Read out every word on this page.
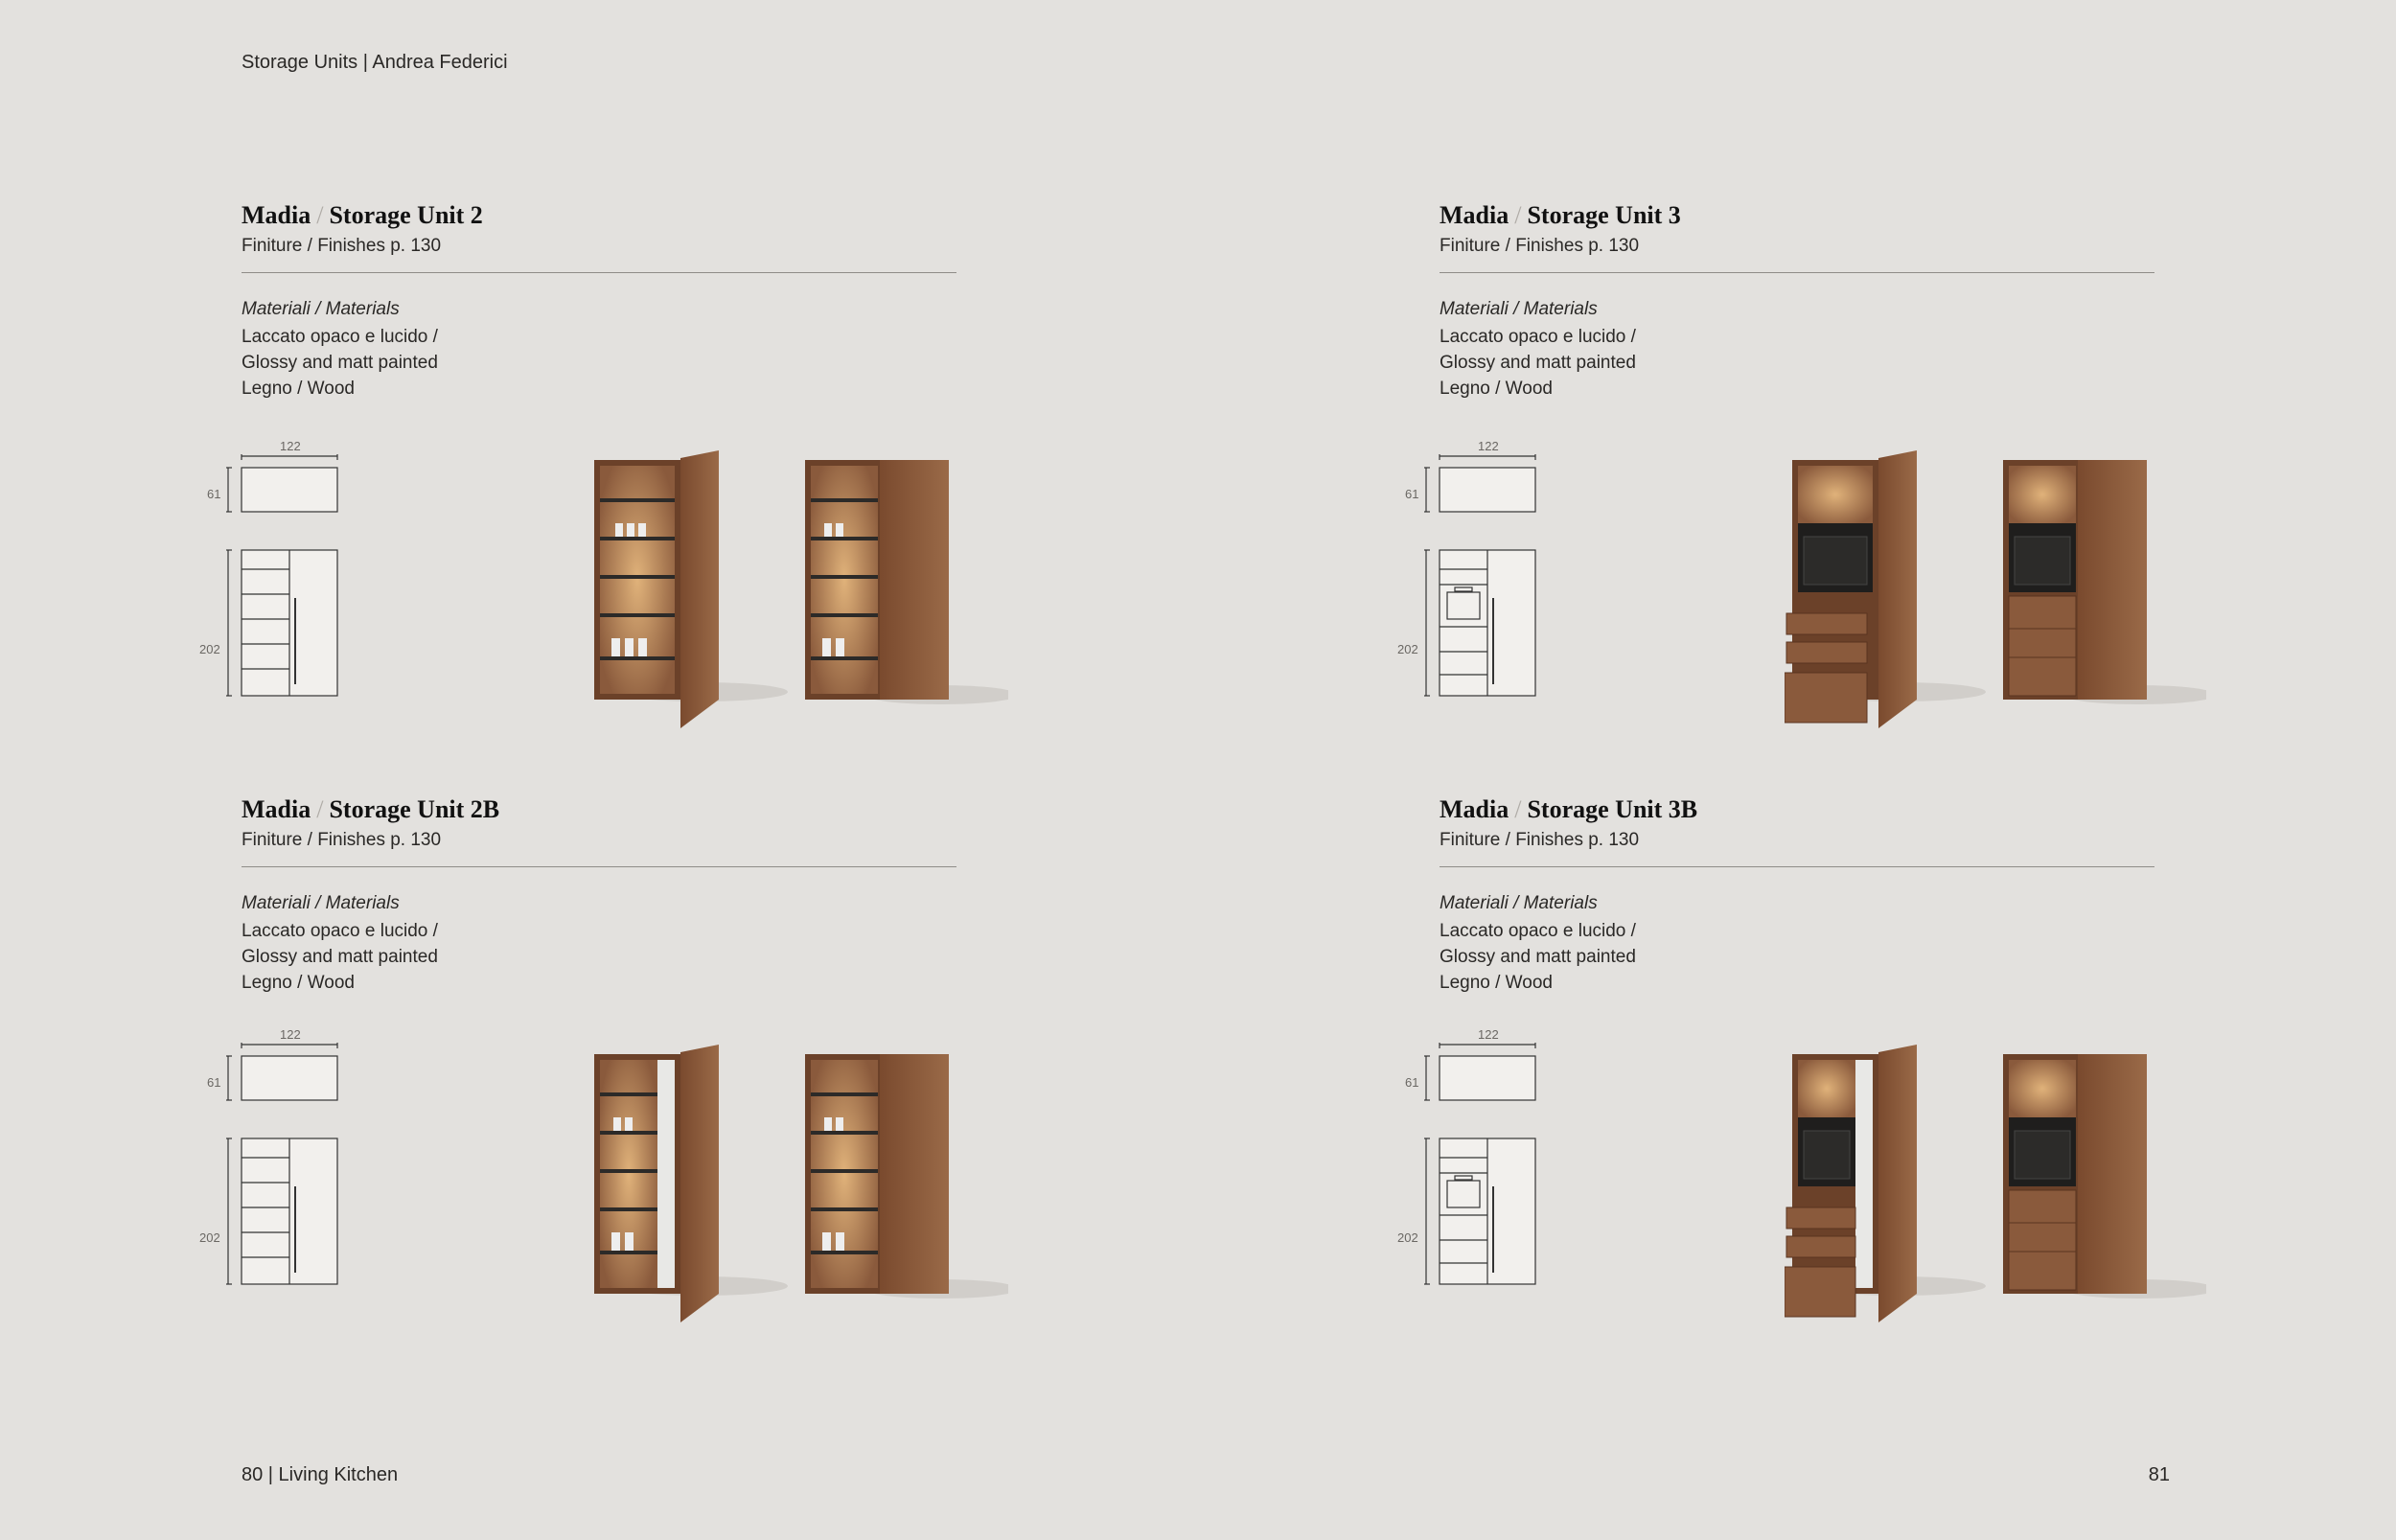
Storage Units | Andrea Federici
Madia / Storage Unit 2
Finiture / Finishes p. 130
Materiali / Materials
Laccato opaco e lucido /
Glossy and matt painted
Legno / Wood
122
61
202
Madia / Storage Unit 3
Finiture / Finishes p. 130
Materiali / Materials
Laccato opaco e lucido /
Glossy and matt painted
Legno / Wood
122
61
202
Madia / Storage Unit 2B
Finiture / Finishes p. 130
Materiali / Materials
Laccato opaco e lucido /
Glossy and matt painted
Legno / Wood
122
61
202
Madia / Storage Unit 3B
Finiture / Finishes p. 130
Materiali / Materials
Laccato opaco e lucido /
Glossy and matt painted
Legno / Wood
122
61
202
80 | Living Kitchen	81
